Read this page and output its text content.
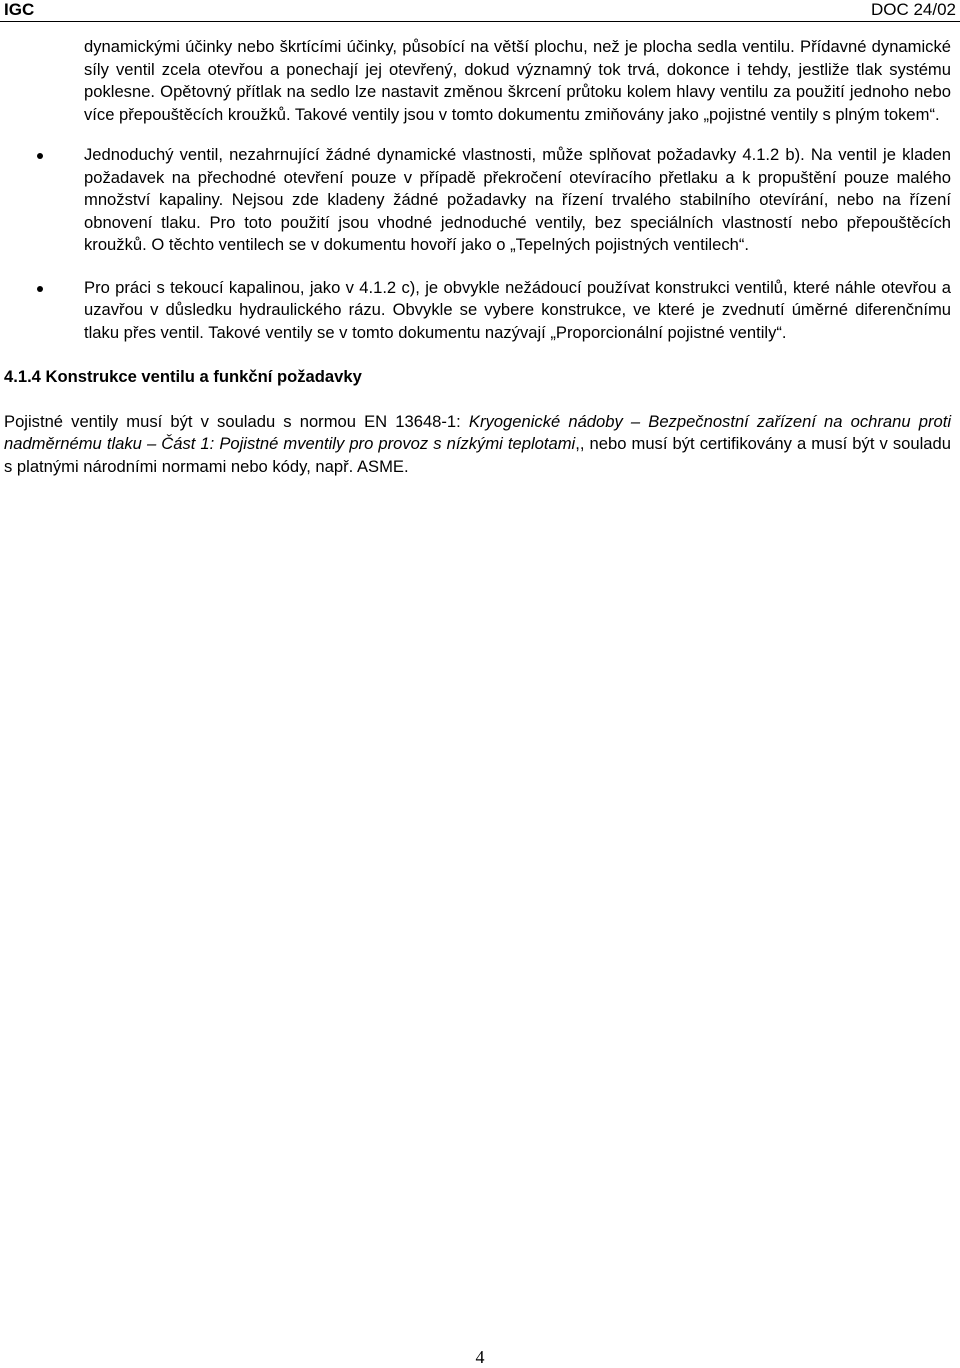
IGC	DOC 24/02

dynamickými účinky nebo škrtícími účinky, působící na větší plochu, než je plocha sedla ventilu. Přídavné dynamické síly ventil zcela otevřou a ponechají jej otevřený, dokud významný tok trvá, dokonce i tehdy, jestliže tlak systému poklesne. Opětovný přítlak na sedlo lze nastavit změnou škrcení průtoku kolem hlavy ventilu za použití jednoho nebo více přepouštěcích kroužků. Takové ventily jsou v tomto dokumentu zmiňovány jako „pojistné ventily s plným tokem“.

Jednoduchý ventil, nezahrnující žádné dynamické vlastnosti, může splňovat požadavky 4.1.2 b). Na ventil je kladen požadavek na přechodné otevření pouze v případě překročení otevíracího přetlaku a k propuštění pouze malého množství kapaliny. Nejsou zde kladeny žádné požadavky na řízení trvalého stabilního otevírání, nebo na řízení obnovení tlaku. Pro toto použití jsou vhodné jednoduché ventily, bez speciálních vlastností nebo přepouštěcích kroužků. O těchto ventilech se v dokumentu hovoří jako o „Tepelných pojistných ventilech“.

Pro práci s tekoucí kapalinou, jako v 4.1.2 c), je obvykle nežádoucí používat konstrukci ventilů, které náhle otevřou a uzavřou v důsledku hydraulického rázu. Obvykle se vybere konstrukce, ve které je zvednutí úměrné diferenčnímu tlaku přes ventil. Takové ventily se v tomto dokumentu nazývají „Proporcionální pojistné ventily“.

4.1.4 Konstrukce ventilu a funkční požadavky

Pojistné ventily musí být v souladu s normou EN 13648-1: Kryogenické nádoby – Bezpečnostní zařízení na ochranu proti nadměrnému tlaku – Část 1: Pojistné mventily pro provoz s nízkými teplotami,, nebo musí být certifikovány a musí být v souladu s platnými národními normami nebo kódy, např. ASME.

4
